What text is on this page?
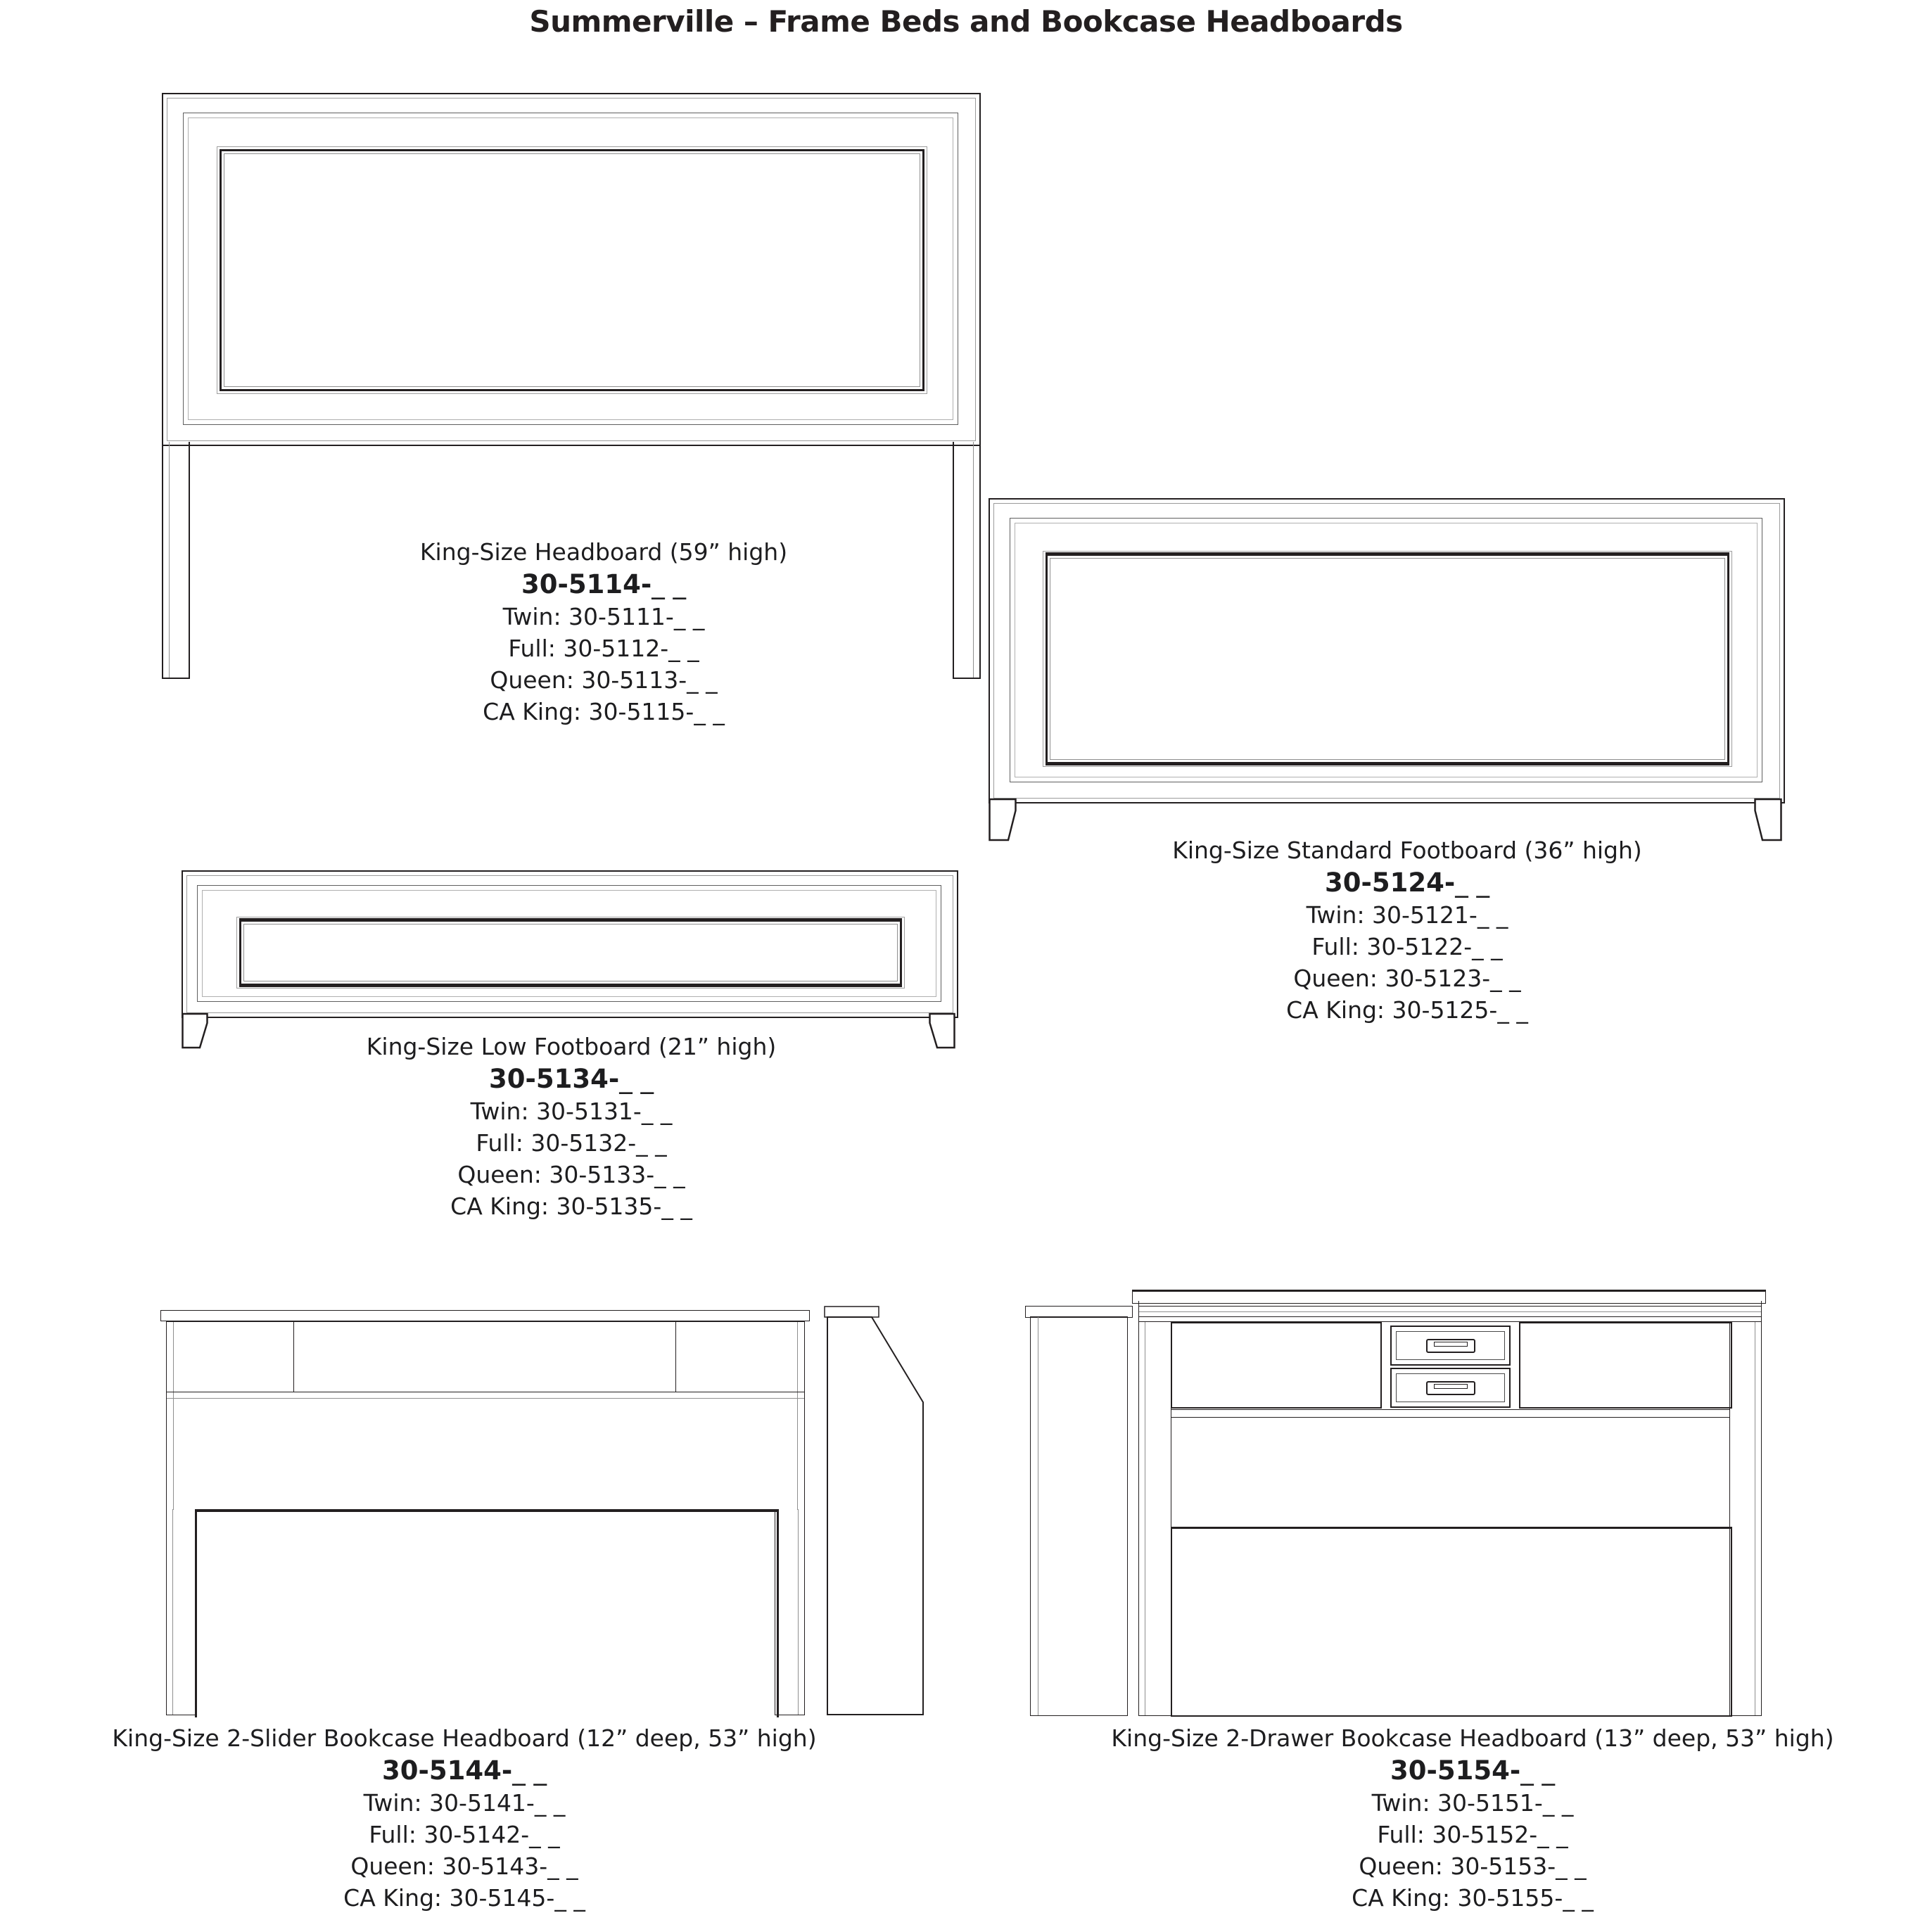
Summerville – Frame Beds and Bookcase Headboards
King-Size Headboard (59” high)
30-5114-_ _
Twin: 30-5111-_ _
Full: 30-5112-_ _
Queen: 30-5113-_ _
CA King: 30-5115-_ _
King-Size Standard Footboard (36” high)
30-5124-_ _
Twin: 30-5121-_ _
Full: 30-5122-_ _
Queen: 30-5123-_ _
CA King: 30-5125-_ _
King-Size Low Footboard (21” high)
30-5134-_ _
Twin: 30-5131-_ _
Full: 30-5132-_ _
Queen: 30-5133-_ _
CA King: 30-5135-_ _
King-Size 2-Slider Bookcase Headboard (12” deep, 53” high)
30-5144-_ _
Twin: 30-5141-_ _
Full: 30-5142-_ _
Queen: 30-5143-_ _
CA King: 30-5145-_ _
King-Size 2-Drawer Bookcase Headboard (13” deep, 53” high)
30-5154-_ _
Twin: 30-5151-_ _
Full: 30-5152-_ _
Queen: 30-5153-_ _
CA King: 30-5155-_ _
